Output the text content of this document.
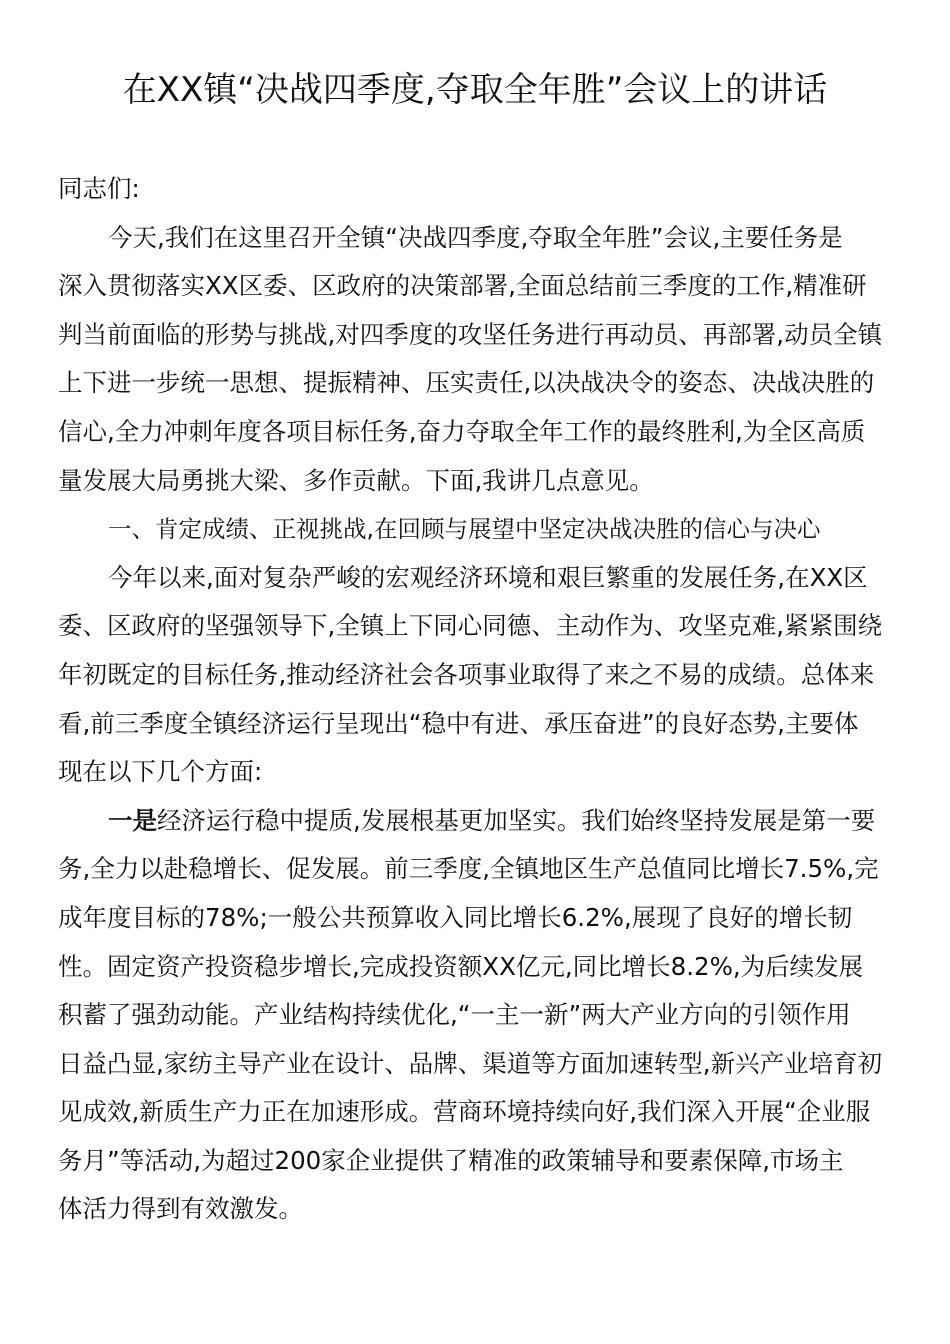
在XX镇“决战四季度,夺取全年胜”会议上的讲话

同志们:

今天,我们在这里召开全镇“决战四季度,夺取全年胜”会议,主要任务是
深入贯彻落实XX区委、区政府的决策部署,全面总结前三季度的工作,精准研
判当前面临的形势与挑战,对四季度的攻坚任务进行再动员、再部署,动员全镇
上下进一步统一思想、提振精神、压实责任,以决战决令的姿态、决战决胜的
信心,全力冲刺年度各项目标任务,奋力夺取全年工作的最终胜利,为全区高质
量发展大局勇挑大梁、多作贡献。下面,我讲几点意见。

一、肯定成绩、正视挑战,在回顾与展望中坚定决战决胜的信心与决心

今年以来,面对复杂严峻的宏观经济环境和艰巨繁重的发展任务,在XX区
委、区政府的坚强领导下,全镇上下同心同德、主动作为、攻坚克难,紧紧围绕
年初既定的目标任务,推动经济社会各项事业取得了来之不易的成绩。总体来
看,前三季度全镇经济运行呈现出“稳中有进、承压奋进”的良好态势,主要体
现在以下几个方面:

一是经济运行稳中提质,发展根基更加坚实。我们始终坚持发展是第一要
务,全力以赴稳增长、促发展。前三季度,全镇地区生产总值同比增长7.5%,完
成年度目标的78%;一般公共预算收入同比增长6.2%,展现了良好的增长韧
性。固定资产投资稳步增长,完成投资额XX亿元,同比增长8.2%,为后续发展
积蓄了强劲动能。产业结构持续优化,“一主一新”两大产业方向的引领作用
日益凸显,家纺主导产业在设计、品牌、渠道等方面加速转型,新兴产业培育初
见成效,新质生产力正在加速形成。营商环境持续向好,我们深入开展“企业服
务月”等活动,为超过200家企业提供了精准的政策辅导和要素保障,市场主
体活力得到有效激发。
